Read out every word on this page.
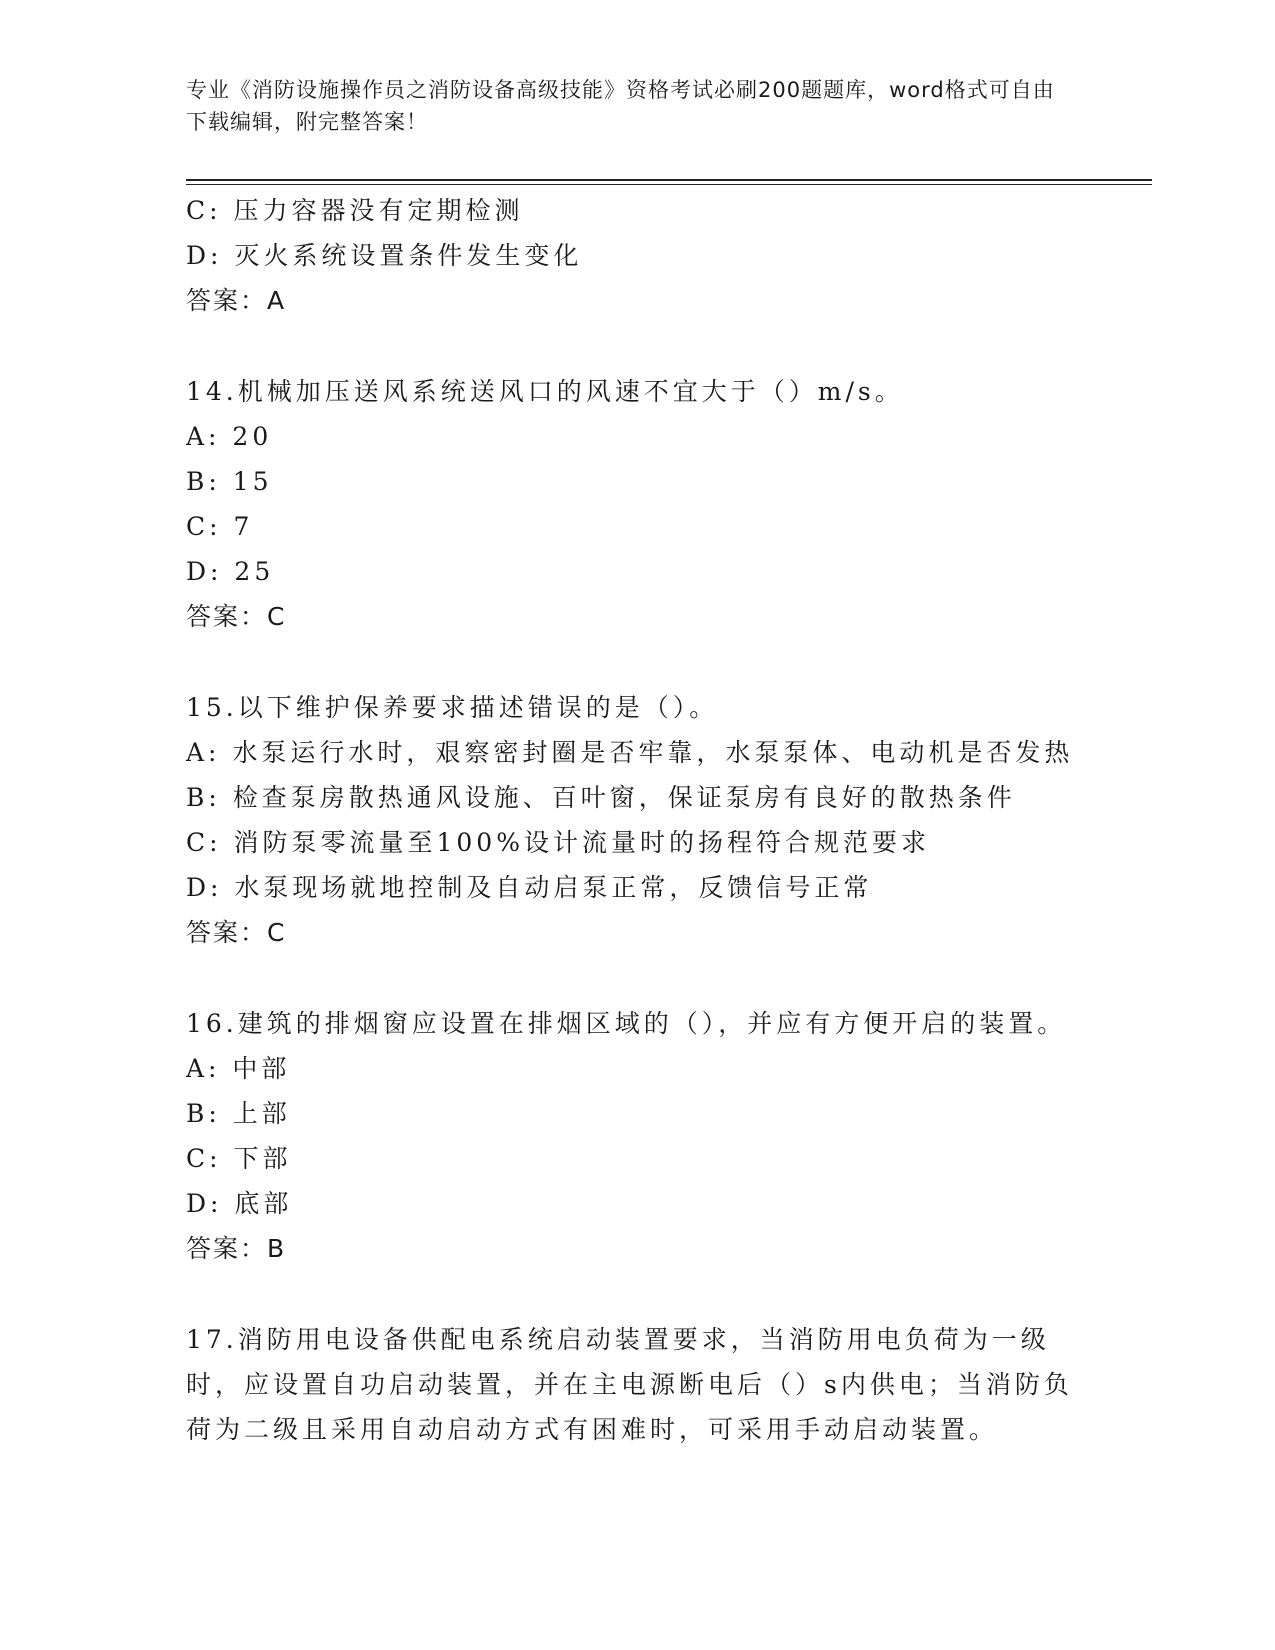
专业《消防设施操作员之消防设备高级技能》资格考试必刷200题题库，word格式可自由下载编辑，附完整答案！
C: 压力容器没有定期检测
D: 灭火系统设置条件发生变化
答案：A
14.机械加压送风系统送风口的风速不宜大于（）m/s。
A: 20
B: 15
C: 7
D: 25
答案：C
15.以下维护保养要求描述错误的是（）。
A: 水泵运行水时，艰察密封圈是否牢靠，水泵泵体、电动机是否发热
B: 检查泵房散热通风设施、百叶窗，保证泵房有良好的散热条件
C: 消防泵零流量至100%设计流量时的扬程符合规范要求
D: 水泵现场就地控制及自动启泵正常，反馈信号正常
答案：C
16.建筑的排烟窗应设置在排烟区域的（），并应有方便开启的装置。
A: 中部
B: 上部
C: 下部
D: 底部
答案：B
17.消防用电设备供配电系统启动装置要求，当消防用电负荷为一级时，应设置自功启动装置，并在主电源断电后（）s内供电；当消防负荷为二级且采用自动启动方式有困难时，可采用手动启动装置。
